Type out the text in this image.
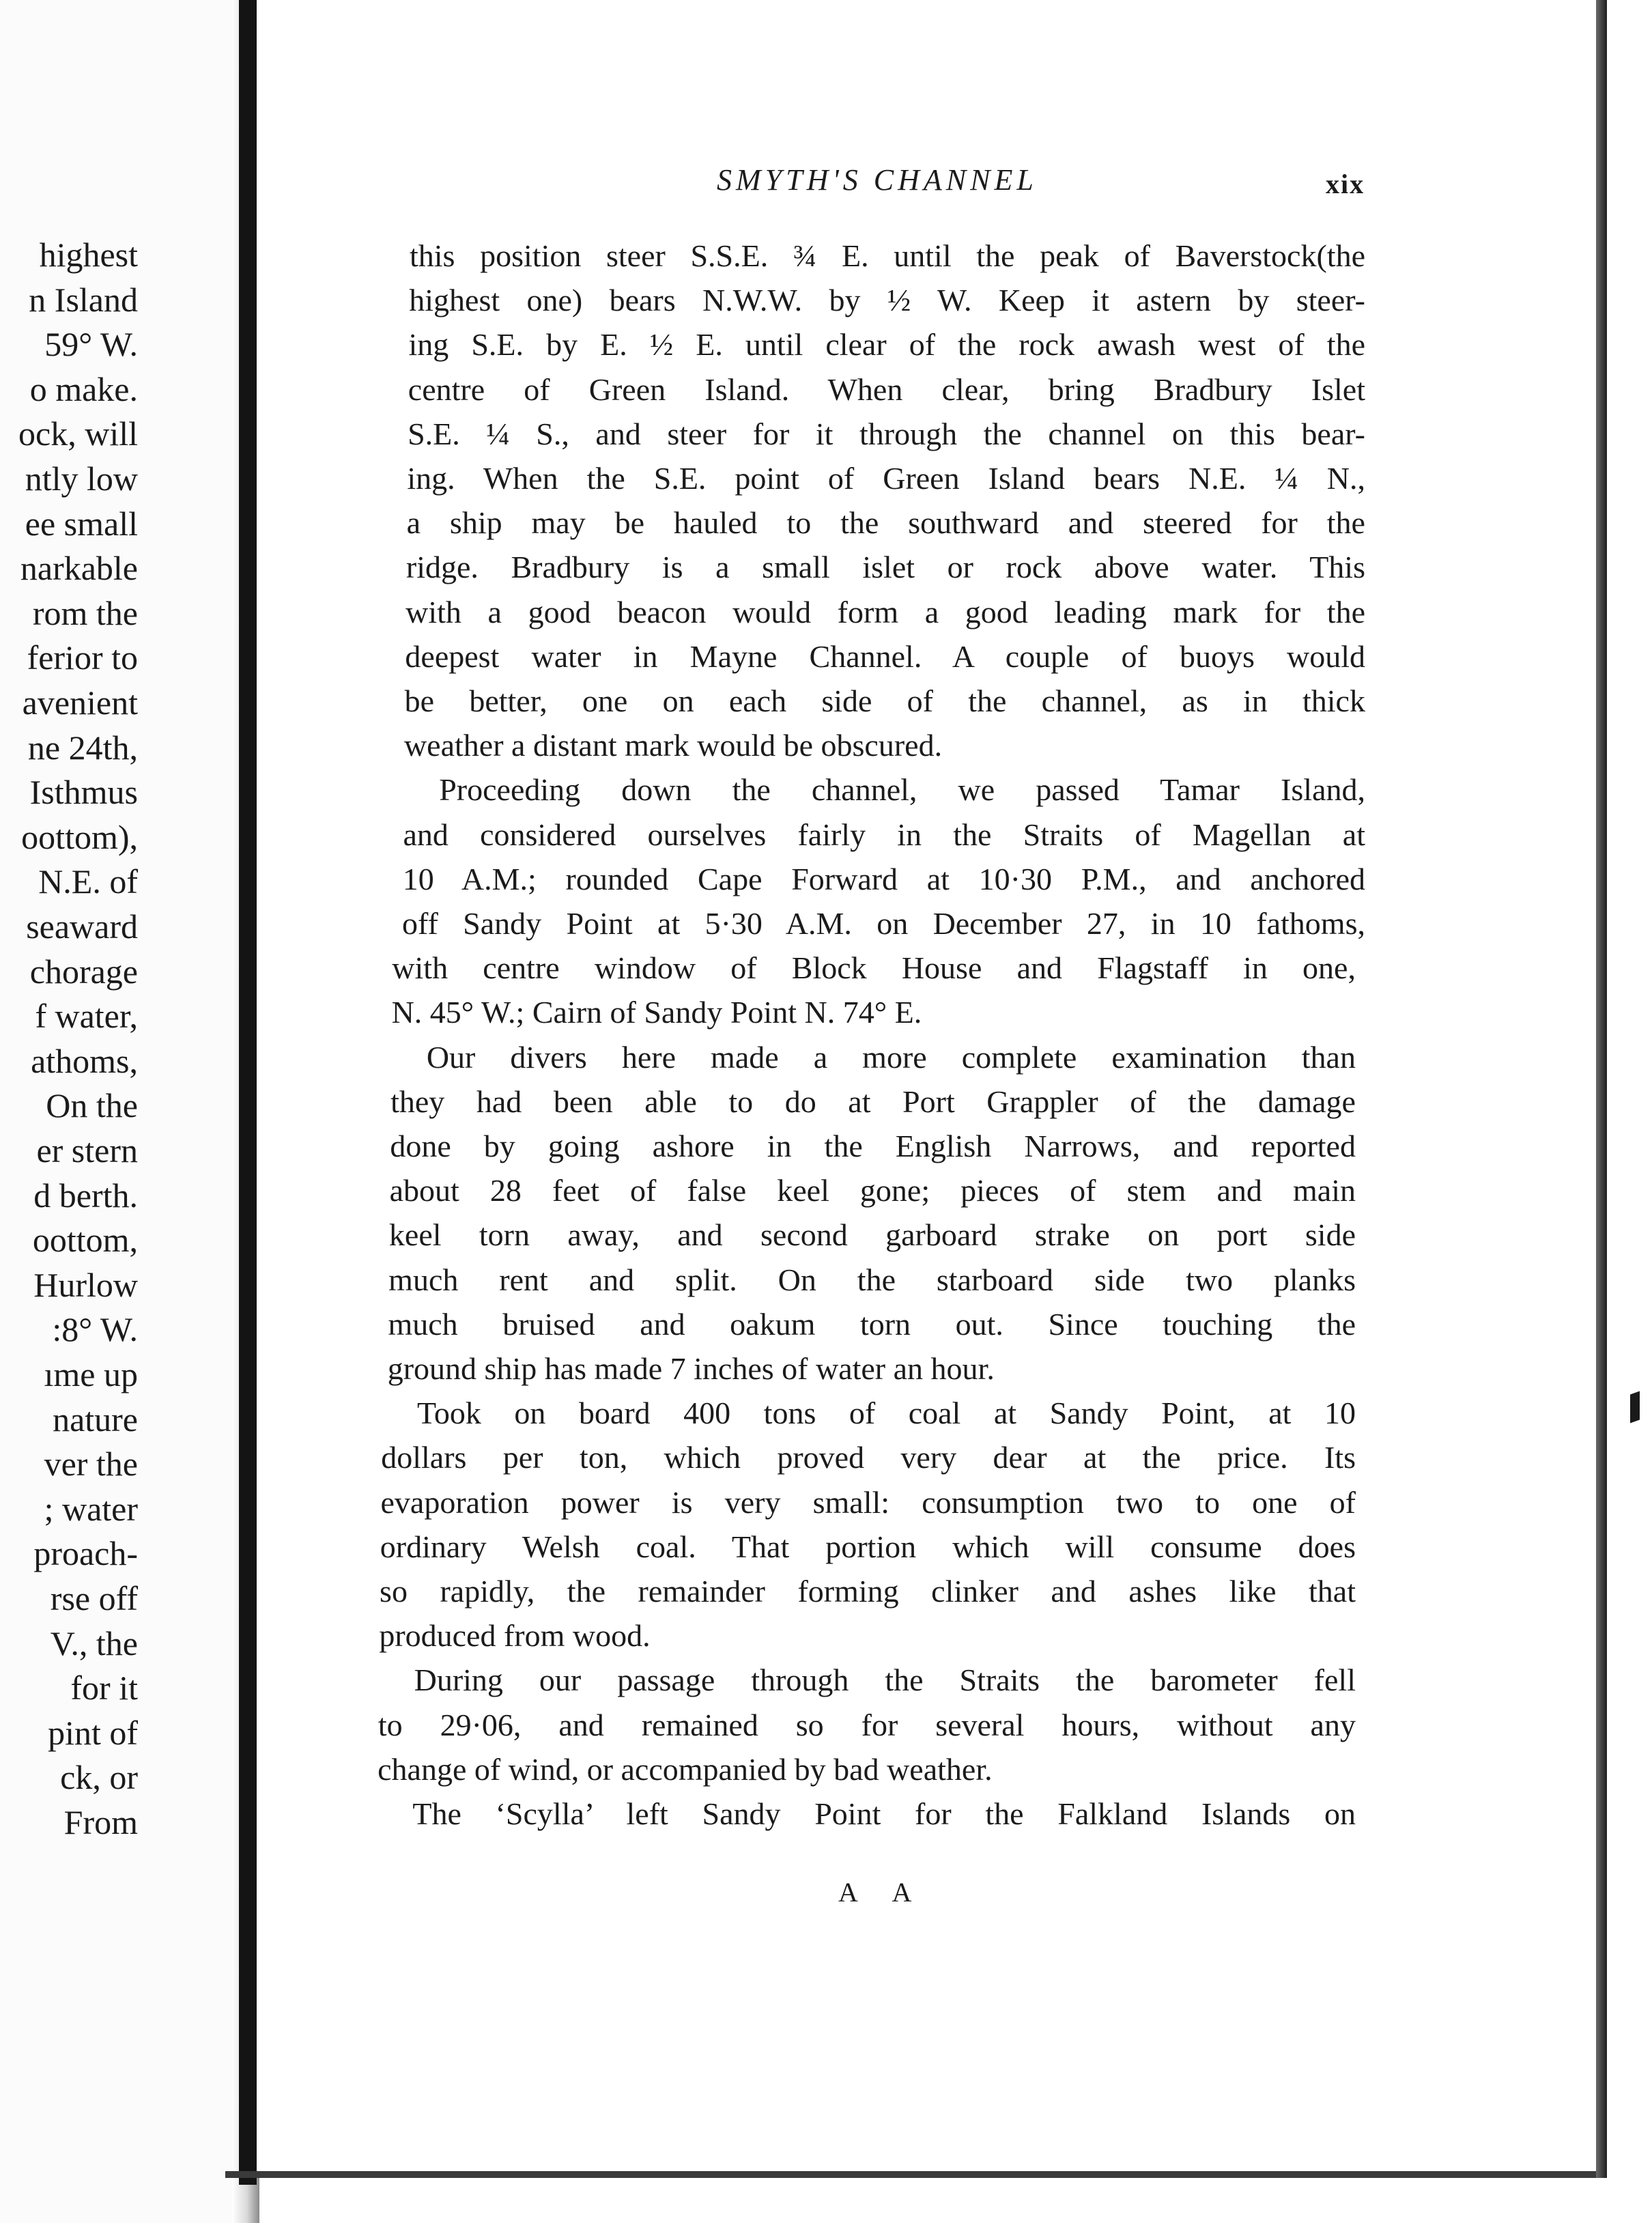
highest
n Island
59° W.
o make.
ock, will
ntly low
ee small
narkable
rom the
ferior to
avenient
ne 24th,
Isthmus
oottom),
N.E. of
seaward
chorage
f water,
athoms,
On the
er stern
d berth.
oottom,
Hurlow
:8° W.
ıme up
nature
ver the
; water
proach-
rse off
V., the
for it
pint of
ck, or
From
SMYTH'S CHANNEL	xix
this position steer S.S.E. ¾ E. until the peak of Baverstock(the
highest one) bears N.W.W. by ½ W. Keep it astern by steer-
ing S.E. by E. ½ E. until clear of the rock awash west of the
centre of Green Island. When clear, bring Bradbury Islet
S.E. ¼ S., and steer for it through the channel on this bear-
ing. When the S.E. point of Green Island bears N.E. ¼ N.,
a ship may be hauled to the southward and steered for the
ridge. Bradbury is a small islet or rock above water. This
with a good beacon would form a good leading mark for the
deepest water in Mayne Channel. A couple of buoys would
be better, one on each side of the channel, as in thick
weather a distant mark would be obscured.
Proceeding down the channel, we passed Tamar Island,
and considered ourselves fairly in the Straits of Magellan at
10 A.M.; rounded Cape Forward at 10·30 P.M., and anchored
off Sandy Point at 5·30 A.M. on December 27, in 10 fathoms,
with centre window of Block House and Flagstaff in one,
N. 45° W.; Cairn of Sandy Point N. 74° E.
Our divers here made a more complete examination than
they had been able to do at Port Grappler of the damage
done by going ashore in the English Narrows, and reported
about 28 feet of false keel gone; pieces of stem and main
keel torn away, and second garboard strake on port side
much rent and split. On the starboard side two planks
much bruised and oakum torn out. Since touching the
ground ship has made 7 inches of water an hour.
Took on board 400 tons of coal at Sandy Point, at 10
dollars per ton, which proved very dear at the price. Its
evaporation power is very small: consumption two to one of
ordinary Welsh coal. That portion which will consume does
so rapidly, the remainder forming clinker and ashes like that
produced from wood.
During our passage through the Straits the barometer fell
to 29·06, and remained so for several hours, without any
change of wind, or accompanied by bad weather.
The ‘Scylla’ left Sandy Point for the Falkland Islands on
A A
